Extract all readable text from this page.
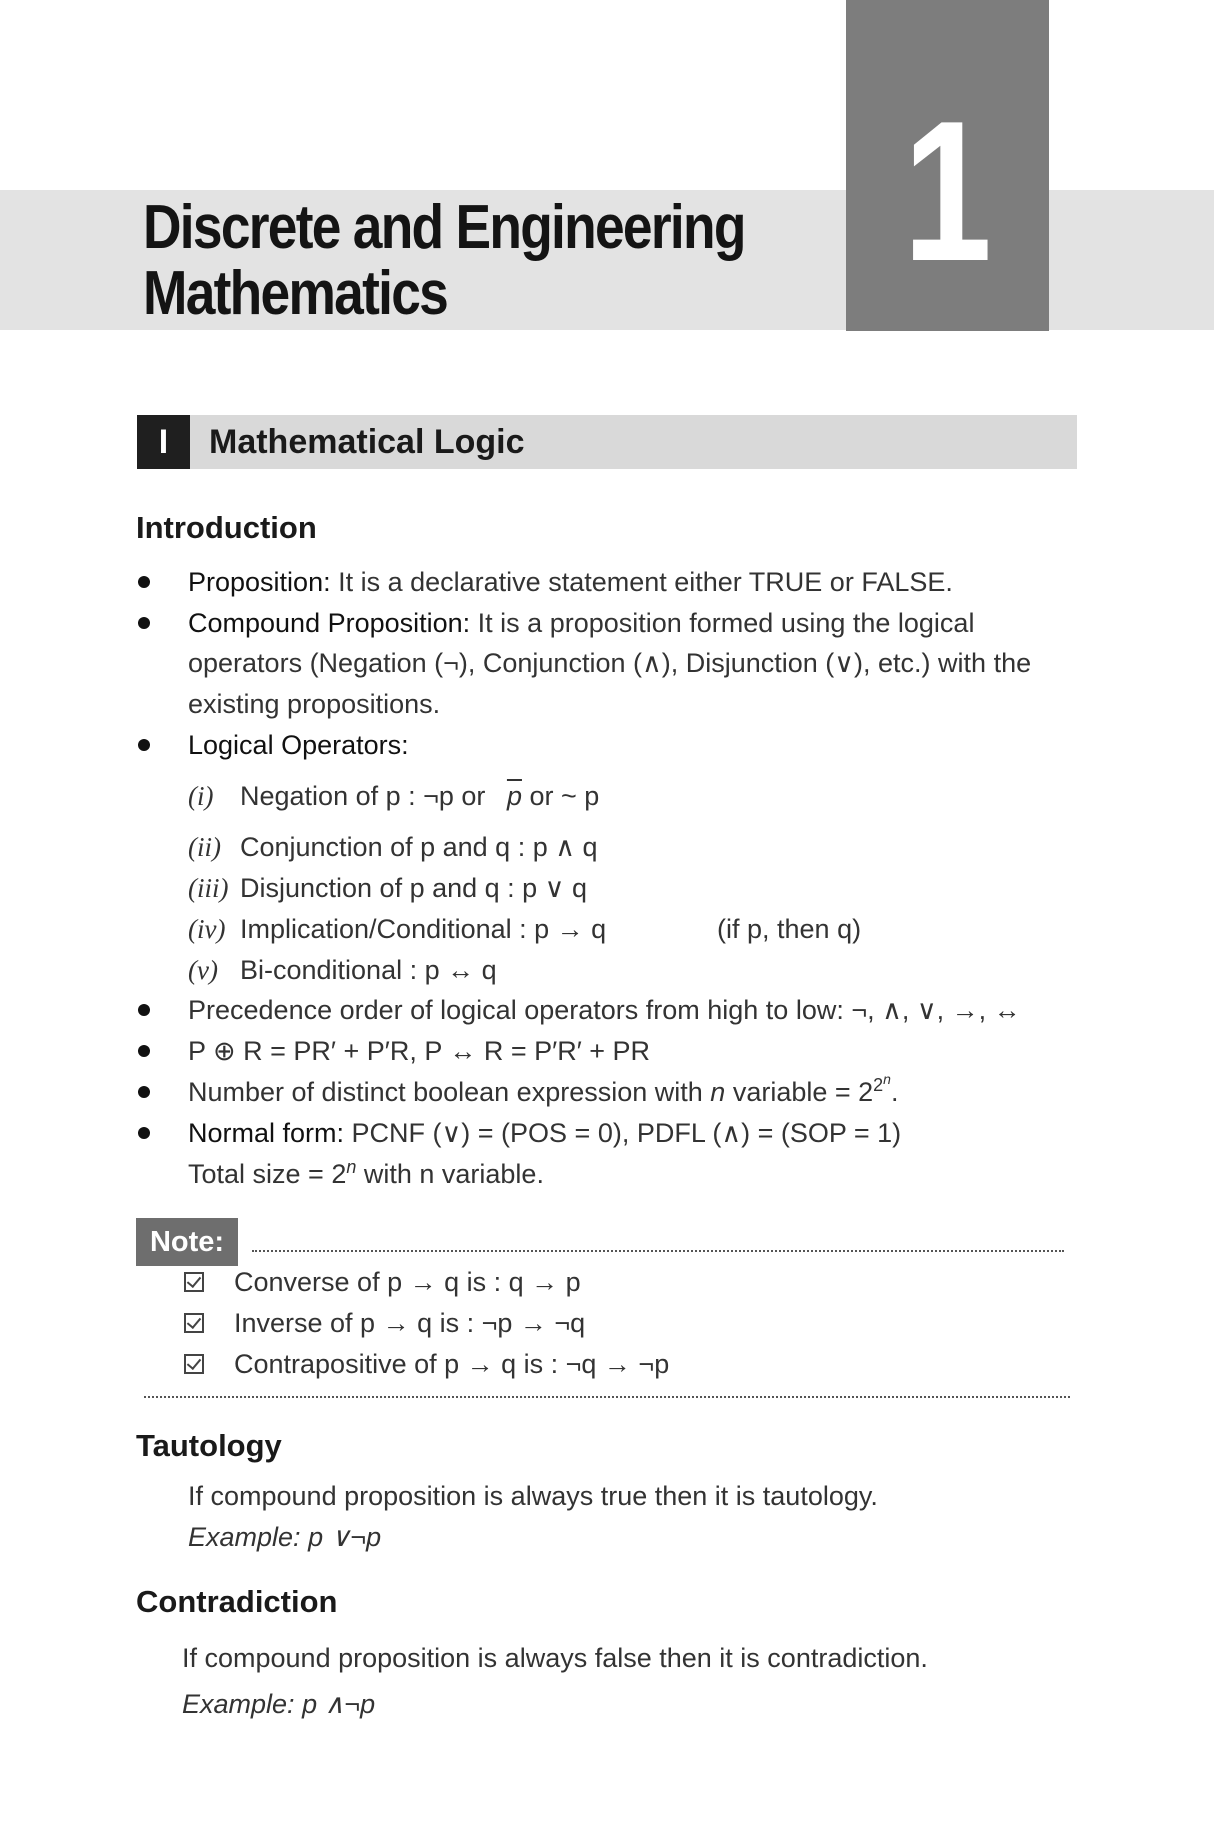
Discrete and Engineering
Mathematics	1
I	Mathematical Logic
Introduction
Proposition: It is a declarative statement either TRUE or FALSE.
Compound Proposition: It is a proposition formed using the logical
operators (Negation (¬), Conjunction (∧), Disjunction (∨), etc.) with the
existing propositions.
Logical Operators:
(i) Negation of p : ¬p or $\overline{p}$ or ~ p
(ii) Conjunction of p and q : p ∧ q
(iii) Disjunction of p and q : p ∨ q
(iv) Implication/Conditional : p → q	(if p, then q)
(v) Bi-conditional : p ↔ q
Precedence order of logical operators from high to low: ¬, ∧, ∨, →, ↔
P ⊕ R = PR′ + P′R, P ↔ R = P′R′ + PR
Number of distinct boolean expression with n variable = $2^{2^n}$.
Normal form: PCNF (∨) = (POS = 0), PDFL (∧) = (SOP = 1)
Total size = $2^n$ with n variable.
Note:
Converse of p → q is : q → p
Inverse of p → q is : ¬p → ¬q
Contrapositive of p → q is : ¬q → ¬p
Tautology
If compound proposition is always true then it is tautology.
Example: p ∨¬p
Contradiction
If compound proposition is always false then it is contradiction.
Example: p ∧¬p
